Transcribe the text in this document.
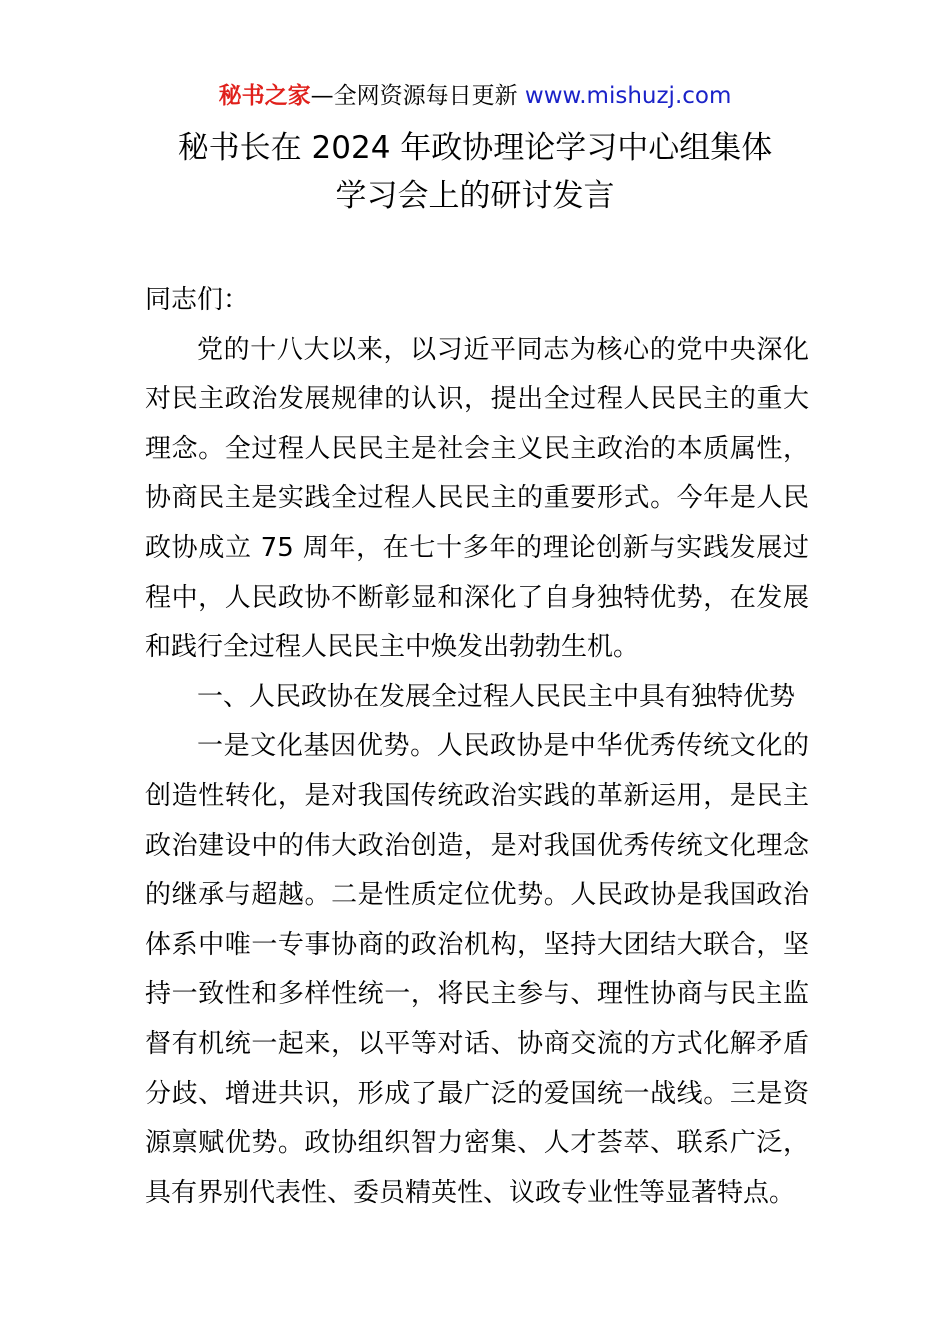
秘书之家—全网资源每日更新 www.mishuzj.com
秘书长在 2024 年政协理论学习中心组集体
学习会上的研讨发言

同志们：

党的十八大以来，以习近平同志为核心的党中央深化对民主政治发展规律的认识，提出全过程人民民主的重大理念。全过程人民民主是社会主义民主政治的本质属性，协商民主是实践全过程人民民主的重要形式。今年是人民政协成立 75 周年，在七十多年的理论创新与实践发展过程中，人民政协不断彰显和深化了自身独特优势，在发展和践行全过程人民民主中焕发出勃勃生机。

一、人民政协在发展全过程人民民主中具有独特优势

一是文化基因优势。人民政协是中华优秀传统文化的创造性转化，是对我国传统政治实践的革新运用，是民主政治建设中的伟大政治创造，是对我国优秀传统文化理念的继承与超越。二是性质定位优势。人民政协是我国政治体系中唯一专事协商的政治机构，坚持大团结大联合，坚持一致性和多样性统一，将民主参与、理性协商与民主监督有机统一起来，以平等对话、协商交流的方式化解矛盾分歧、增进共识，形成了最广泛的爱国统一战线。三是资源禀赋优势。政协组织智力密集、人才荟萃、联系广泛，具有界别代表性、委员精英性、议政专业性等显著特点。
